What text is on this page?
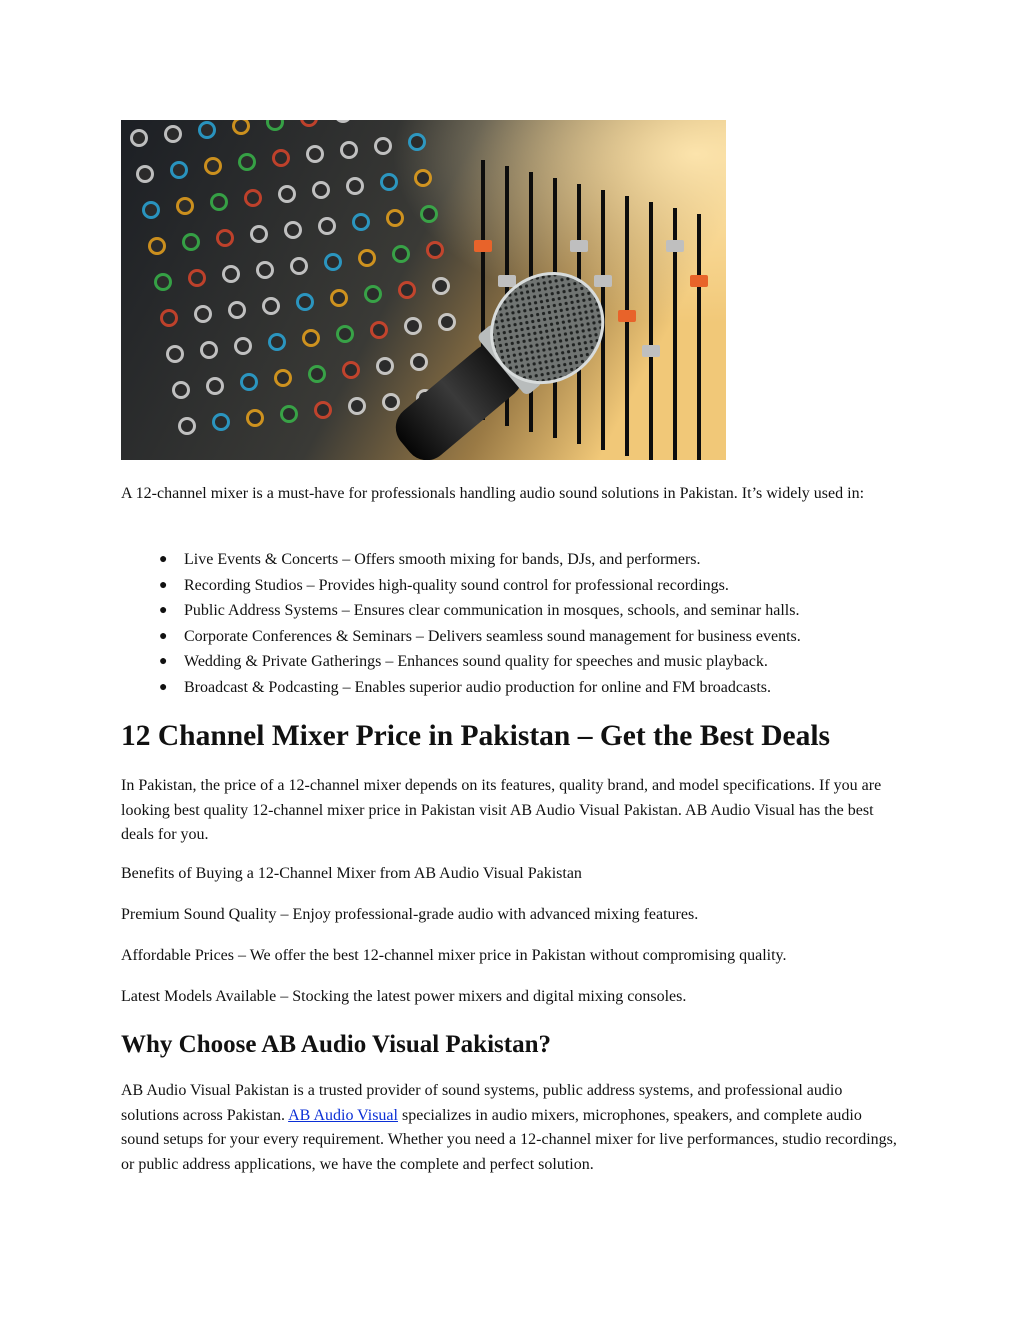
A 12-channel mixer is a must-have for professionals handling audio sound solutions in Pakistan. It’s widely used in:

● Live Events & Concerts – Offers smooth mixing for bands, DJs, and performers.
● Recording Studios – Provides high-quality sound control for professional recordings.
● Public Address Systems – Ensures clear communication in mosques, schools, and seminar halls.
● Corporate Conferences & Seminars – Delivers seamless sound management for business events.
● Wedding & Private Gatherings – Enhances sound quality for speeches and music playback.
● Broadcast & Podcasting – Enables superior audio production for online and FM broadcasts.
12 Channel Mixer Price in Pakistan – Get the Best Deals

In Pakistan, the price of a 12-channel mixer depends on its features, quality brand, and model specifications. If you are looking best quality 12-channel mixer price in Pakistan visit AB Audio Visual Pakistan. AB Audio Visual has the best deals for you.

Benefits of Buying a 12-Channel Mixer from AB Audio Visual Pakistan

Premium Sound Quality – Enjoy professional-grade audio with advanced mixing features.

Affordable Prices – We offer the best 12-channel mixer price in Pakistan without compromising quality.

Latest Models Available – Stocking the latest power mixers and digital mixing consoles.

Why Choose AB Audio Visual Pakistan?

AB Audio Visual Pakistan is a trusted provider of sound systems, public address systems, and professional audio solutions across Pakistan. AB Audio Visual specializes in audio mixers, microphones, speakers, and complete audio sound setups for your every requirement. Whether you need a 12-channel mixer for live performances, studio recordings, or public address applications, we have the complete and perfect solution.
